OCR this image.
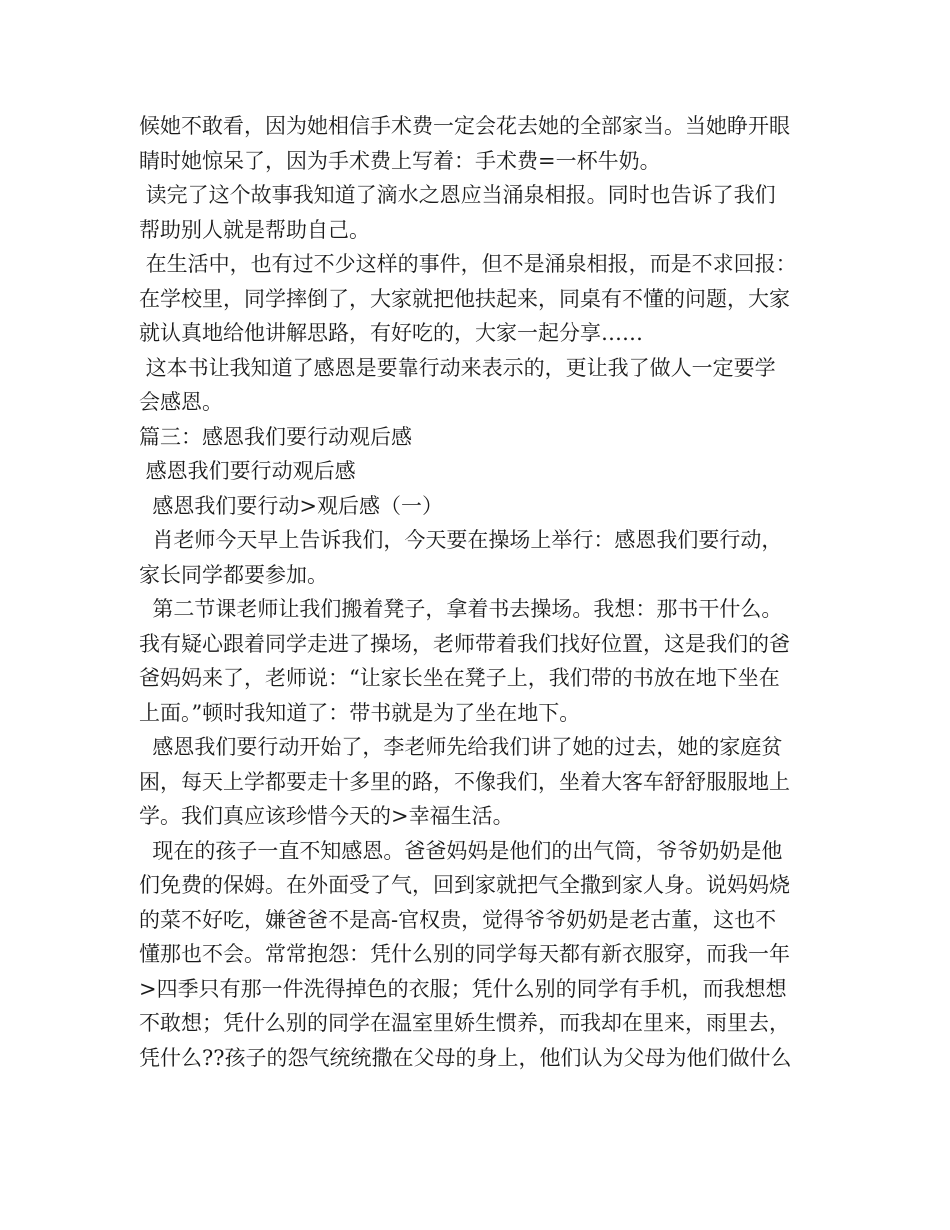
候她不敢看，因为她相信手术费一定会花去她的全部家当。当她睁开眼
睛时她惊呆了，因为手术费上写着：手术费=一杯牛奶。
读完了这个故事我知道了滴水之恩应当涌泉相报。同时也告诉了我们
帮助别人就是帮助自己。
在生活中，也有过不少这样的事件，但不是涌泉相报，而是不求回报：
在学校里，同学摔倒了，大家就把他扶起来，同桌有不懂的问题，大家
就认真地给他讲解思路，有好吃的，大家一起分享……
这本书让我知道了感恩是要靠行动来表示的，更让我了做人一定要学
会感恩。
篇三：感恩我们要行动观后感
感恩我们要行动观后感
感恩我们要行动>观后感（一）
肖老师今天早上告诉我们，今天要在操场上举行：感恩我们要行动，
家长同学都要参加。
第二节课老师让我们搬着凳子，拿着书去操场。我想：那书干什么。
我有疑心跟着同学走进了操场，老师带着我们找好位置，这是我们的爸
爸妈妈来了，老师说：“让家长坐在凳子上，我们带的书放在地下坐在
上面。”顿时我知道了：带书就是为了坐在地下。
感恩我们要行动开始了，李老师先给我们讲了她的过去，她的家庭贫
困，每天上学都要走十多里的路，不像我们，坐着大客车舒舒服服地上
学。我们真应该珍惜今天的>幸福生活。
现在的孩子一直不知感恩。爸爸妈妈是他们的出气筒，爷爷奶奶是他
们免费的保姆。在外面受了气，回到家就把气全撒到家人身。说妈妈烧
的菜不好吃，嫌爸爸不是高-官权贵，觉得爷爷奶奶是老古董，这也不
懂那也不会。常常抱怨：凭什么别的同学每天都有新衣服穿，而我一年
>四季只有那一件洗得掉色的衣服；凭什么别的同学有手机，而我想想
不敢想；凭什么别的同学在温室里娇生惯养，而我却在里来，雨里去，
凭什么??孩子的怨气统统撒在父母的身上，他们认为父母为他们做什么
